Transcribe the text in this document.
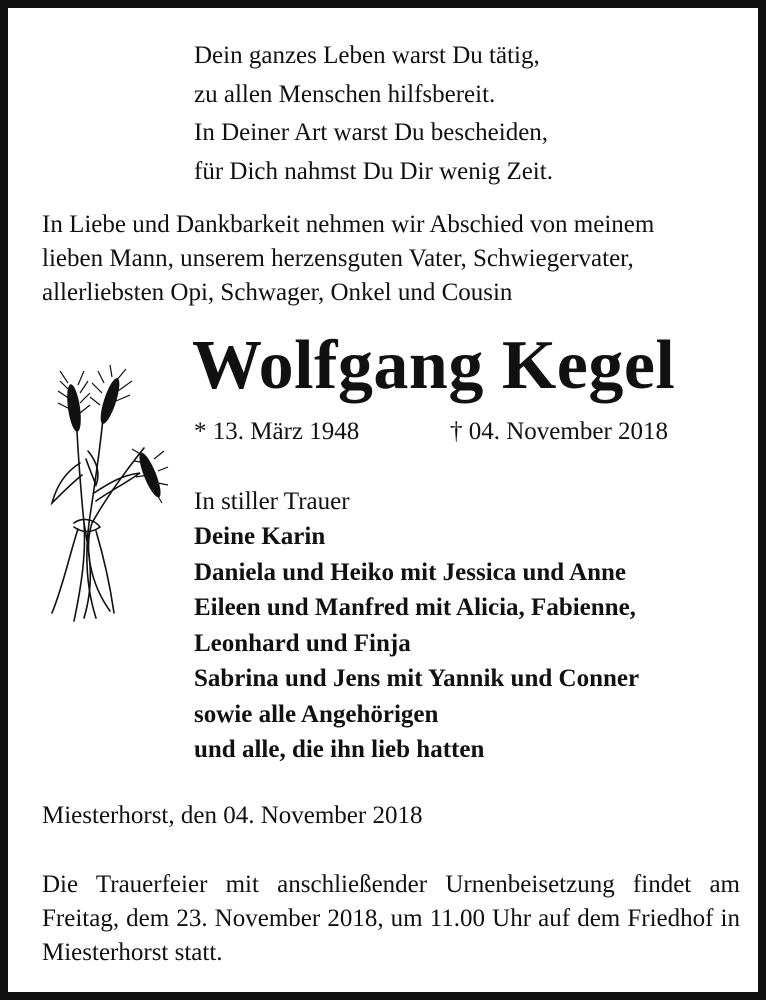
Dein ganzes Leben warst Du tätig,
zu allen Menschen hilfsbereit.
In Deiner Art warst Du bescheiden,
für Dich nahmst Du Dir wenig Zeit.
In Liebe und Dankbarkeit nehmen wir Abschied von meinem
lieben Mann, unserem herzensguten Vater, Schwiegervater,
allerliebsten Opi, Schwager, Onkel und Cousin
Wolfgang Kegel
* 13. März 1948	† 04. November 2018
In stiller Trauer
Deine Karin
Daniela und Heiko mit Jessica und Anne
Eileen und Manfred mit Alicia, Fabienne,
Leonhard und Finja
Sabrina und Jens mit Yannik und Conner
sowie alle Angehörigen
und alle, die ihn lieb hatten
Miesterhorst, den 04. November 2018
Die Trauerfeier mit anschließender Urnenbeisetzung findet am Freitag, dem 23. November 2018, um 11.00 Uhr auf dem Friedhof in Miesterhorst statt.
